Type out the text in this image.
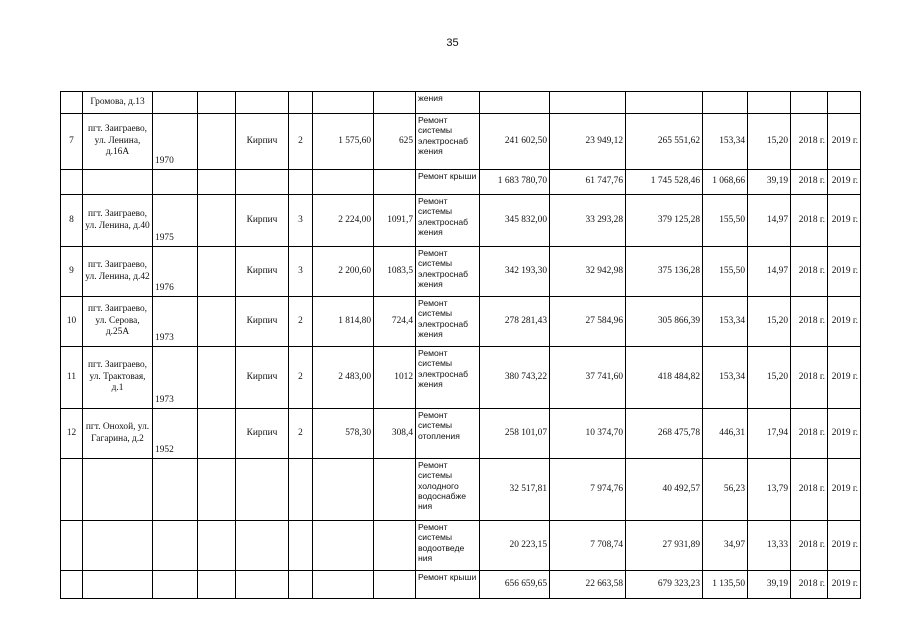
35
	Громова, д.13							жения							
7	пгт. Заиграево, ул. Ленина, д.16А	1970		Кирпич	2	1 575,60	625	Ремонт системы электроснаб жения	241 602,50	23 949,12	265 551,62	153,34	15,20	2018 г.	2019 г.
								Ремонт крыши	1 683 780,70	61 747,76	1 745 528,46	1 068,66	39,19	2018 г.	2019 г.
8	пгт. Заиграево, ул. Ленина, д.40	1975		Кирпич	3	2 224,00	1091,7	Ремонт системы электроснаб жения	345 832,00	33 293,28	379 125,28	155,50	14,97	2018 г.	2019 г.
9	пгт. Заиграево, ул. Ленина, д.42	1976		Кирпич	3	2 200,60	1083,5	Ремонт системы электроснаб жения	342 193,30	32 942,98	375 136,28	155,50	14,97	2018 г.	2019 г.
10	пгт. Заиграево, ул. Серова, д.25А	1973		Кирпич	2	1 814,80	724,4	Ремонт системы электроснаб жения	278 281,43	27 584,96	305 866,39	153,34	15,20	2018 г.	2019 г.
11	пгт. Заиграево, ул. Трактовая, д.1	1973		Кирпич	2	2 483,00	1012	Ремонт системы электроснаб жения	380 743,22	37 741,60	418 484,82	153,34	15,20	2018 г.	2019 г.
12	пгт. Онохой, ул. Гагарина, д.2	1952		Кирпич	2	578,30	308,4	Ремонт системы отопления	258 101,07	10 374,70	268 475,78	446,31	17,94	2018 г.	2019 г.
								Ремонт системы холодного водоснабже ния	32 517,81	7 974,76	40 492,57	56,23	13,79	2018 г.	2019 г.
								Ремонт системы водоотведе ния	20 223,15	7 708,74	27 931,89	34,97	13,33	2018 г.	2019 г.
								Ремонт крыши	656 659,65	22 663,58	679 323,23	1 135,50	39,19	2018 г.	2019 г.
